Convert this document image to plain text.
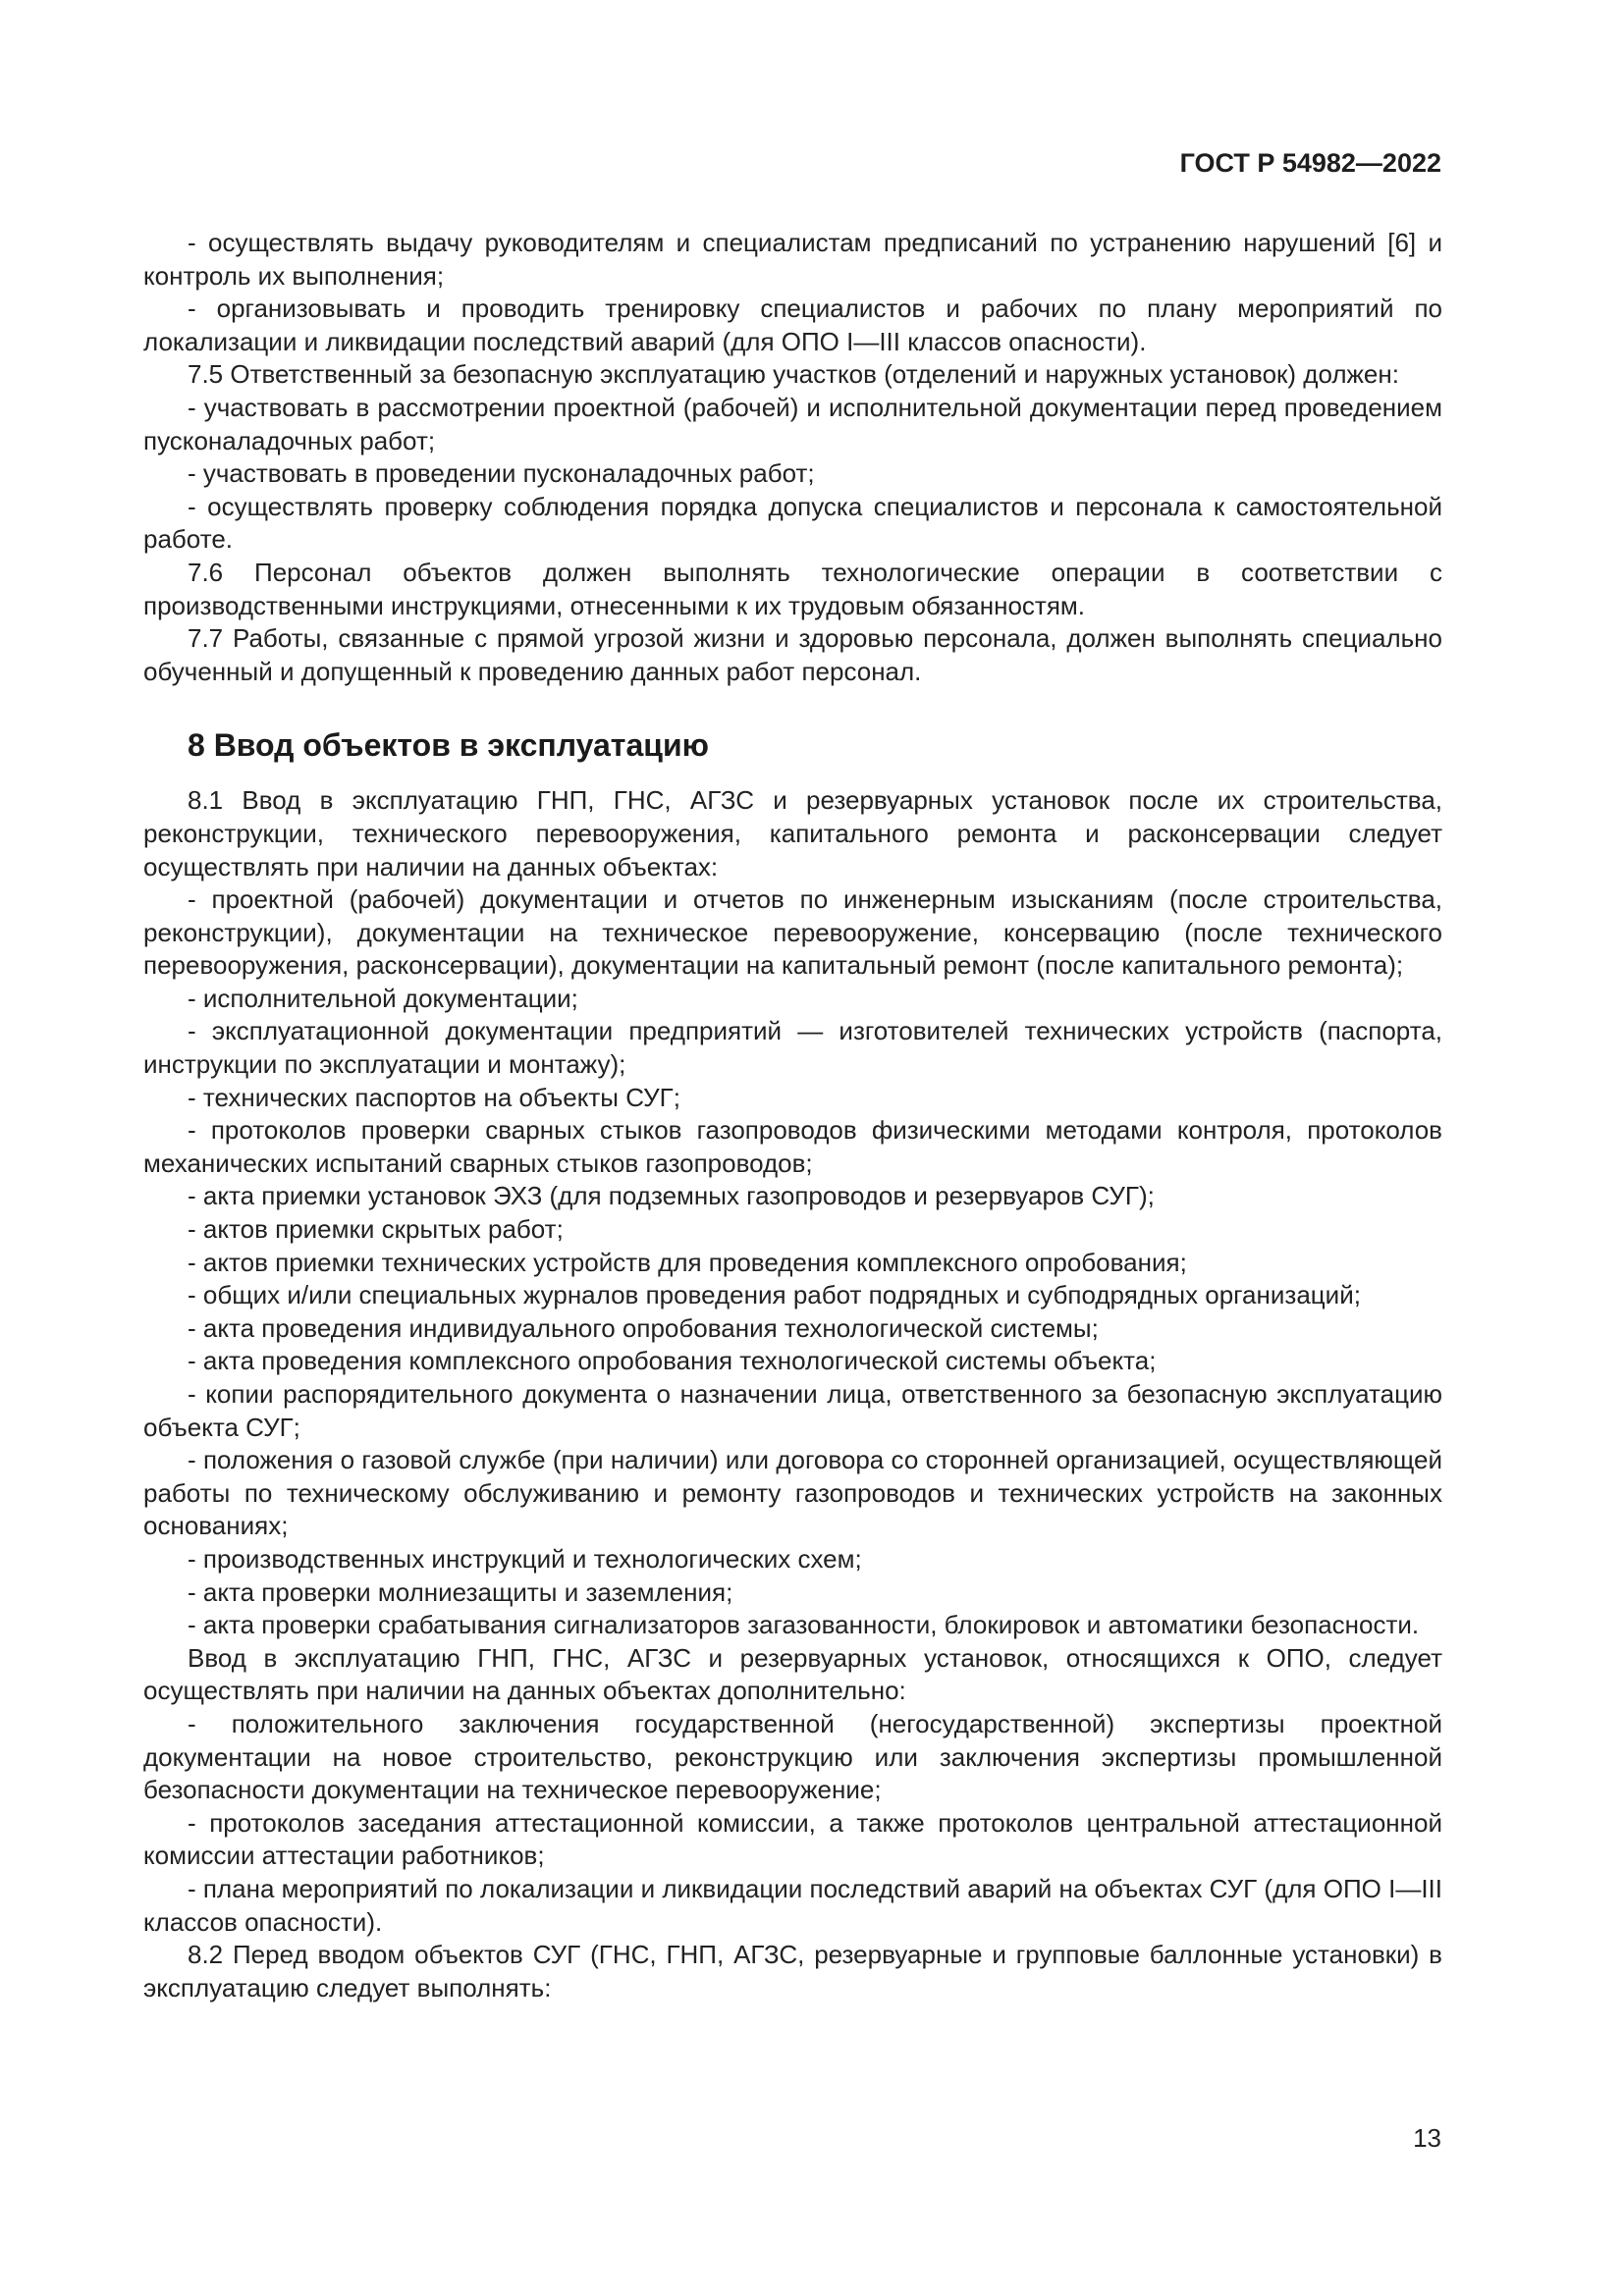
ГОСТ Р 54982—2022

- осуществлять выдачу руководителям и специалистам предписаний по устранению нарушений [6] и контроль их выполнения;

- организовывать и проводить тренировку специалистов и рабочих по плану мероприятий по локализации и ликвидации последствий аварий (для ОПО I—III классов опасности).

7.5 Ответственный за безопасную эксплуатацию участков (отделений и наружных установок) должен:

- участвовать в рассмотрении проектной (рабочей) и исполнительной документации перед проведением пусконаладочных работ;

- участвовать в проведении пусконаладочных работ;

- осуществлять проверку соблюдения порядка допуска специалистов и персонала к самостоятельной работе.

7.6 Персонал объектов должен выполнять технологические операции в соответствии с производственными инструкциями, отнесенными к их трудовым обязанностям.

7.7 Работы, связанные с прямой угрозой жизни и здоровью персонала, должен выполнять специально обученный и допущенный к проведению данных работ персонал.

8 Ввод объектов в эксплуатацию

8.1 Ввод в эксплуатацию ГНП, ГНС, АГЗС и резервуарных установок после их строительства, реконструкции, технического перевооружения, капитального ремонта и расконсервации следует осуществлять при наличии на данных объектах:

- проектной (рабочей) документации и отчетов по инженерным изысканиям (после строительства, реконструкции), документации на техническое перевооружение, консервацию (после технического перевооружения, расконсервации), документации на капитальный ремонт (после капитального ремонта);

- исполнительной документации;

- эксплуатационной документации предприятий — изготовителей технических устройств (паспорта, инструкции по эксплуатации и монтажу);

- технических паспортов на объекты СУГ;

- протоколов проверки сварных стыков газопроводов физическими методами контроля, протоколов механических испытаний сварных стыков газопроводов;

- акта приемки установок ЭХЗ (для подземных газопроводов и резервуаров СУГ);

- актов приемки скрытых работ;

- актов приемки технических устройств для проведения комплексного опробования;

- общих и/или специальных журналов проведения работ подрядных и субподрядных организаций;

- акта проведения индивидуального опробования технологической системы;

- акта проведения комплексного опробования технологической системы объекта;

- копии распорядительного документа о назначении лица, ответственного за безопасную эксплуатацию объекта СУГ;

- положения о газовой службе (при наличии) или договора со сторонней организацией, осуществляющей работы по техническому обслуживанию и ремонту газопроводов и технических устройств на законных основаниях;

- производственных инструкций и технологических схем;

- акта проверки молниезащиты и заземления;

- акта проверки срабатывания сигнализаторов загазованности, блокировок и автоматики безопасности.

Ввод в эксплуатацию ГНП, ГНС, АГЗС и резервуарных установок, относящихся к ОПО, следует осуществлять при наличии на данных объектах дополнительно:

- положительного заключения государственной (негосударственной) экспертизы проектной документации на новое строительство, реконструкцию или заключения экспертизы промышленной безопасности документации на техническое перевооружение;

- протоколов заседания аттестационной комиссии, а также протоколов центральной аттестационной комиссии аттестации работников;

- плана мероприятий по локализации и ликвидации последствий аварий на объектах СУГ (для ОПО I—III классов опасности).

8.2 Перед вводом объектов СУГ (ГНС, ГНП, АГЗС, резервуарные и групповые баллонные установки) в эксплуатацию следует выполнять:

13
